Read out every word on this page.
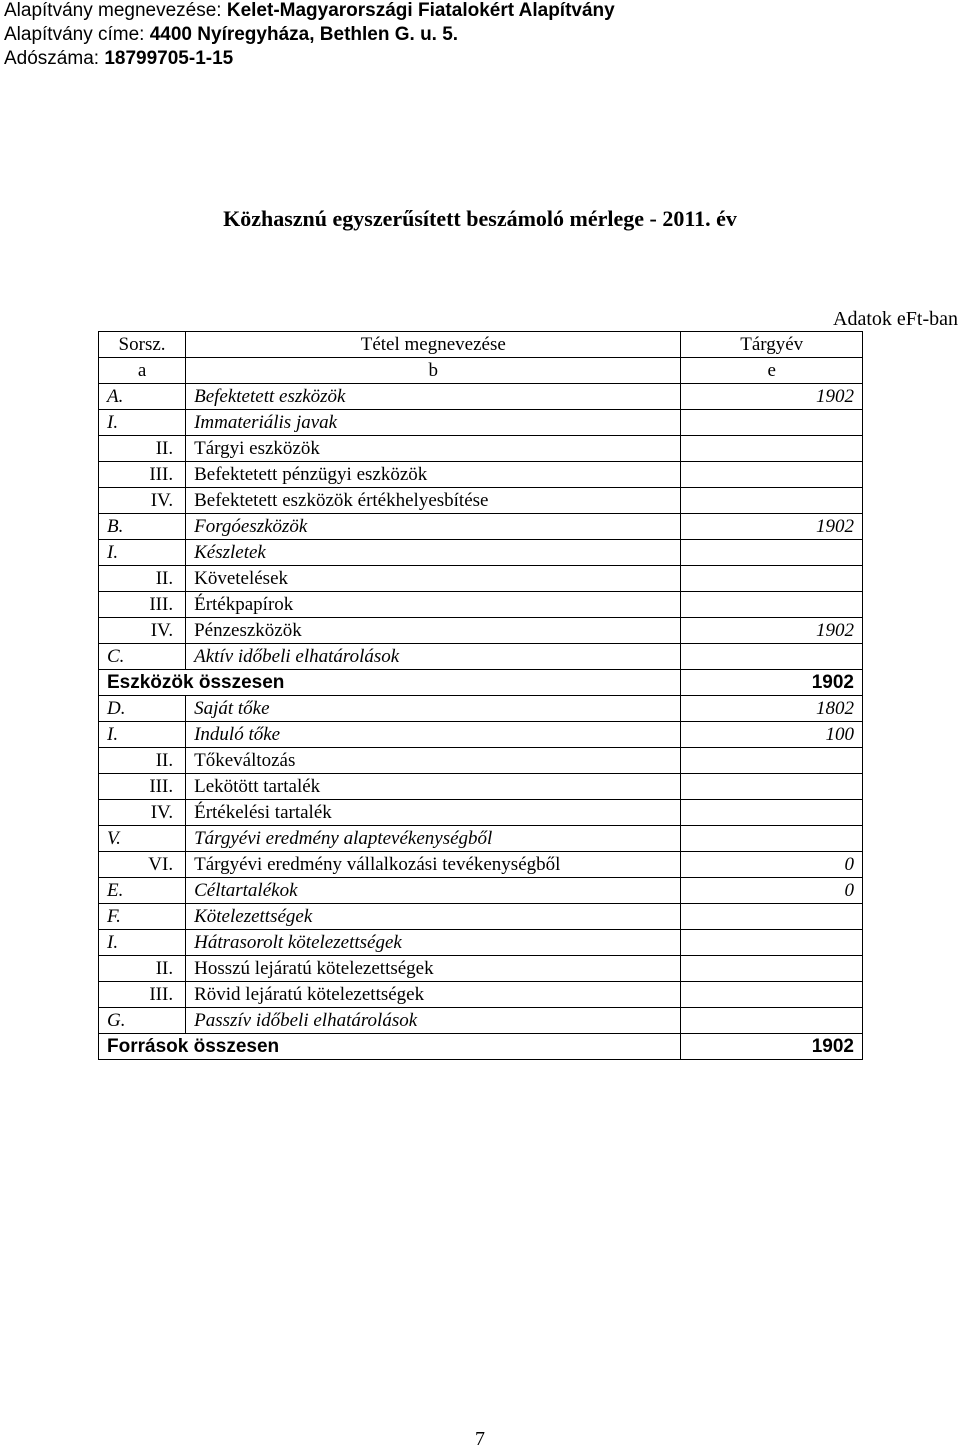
Alapítvány megnevezése: Kelet-Magyarországi Fiatalokért Alapítvány
Alapítvány címe: 4400 Nyíregyháza, Bethlen G. u. 5.
Adószáma: 18799705-1-15
Közhasznú egyszerűsített beszámoló mérlege - 2011. év
Adatok eFt-ban
Sorsz.	Tétel megnevezése	Tárgyév
a	b	e
A.	Befektetett eszközök	1902
I.	Immateriális javak	
II.	Tárgyi eszközök	
III.	Befektetett pénzügyi eszközök	
IV.	Befektetett eszközök értékhelyesbítése	
B.	Forgóeszközök	1902
I.	Készletek	
II.	Követelések	
III.	Értékpapírok	
IV.	Pénzeszközök	1902
C.	Aktív időbeli elhatárolások	
Eszközök összesen		1902
D.	Saját tőke	1802
I.	Induló tőke	100
II.	Tőkeváltozás	
III.	Lekötött tartalék	
IV.	Értékelési tartalék	
V.	Tárgyévi eredmény alaptevékenységből	
VI.	Tárgyévi eredmény vállalkozási tevékenységből	0
E.	Céltartalékok	0
F.	Kötelezettségek	
I.	Hátrasorolt kötelezettségek	
II.	Hosszú lejáratú kötelezettségek	
III.	Rövid lejáratú kötelezettségek	
G.	Passzív időbeli elhatárolások	
Források összesen		1902
7
